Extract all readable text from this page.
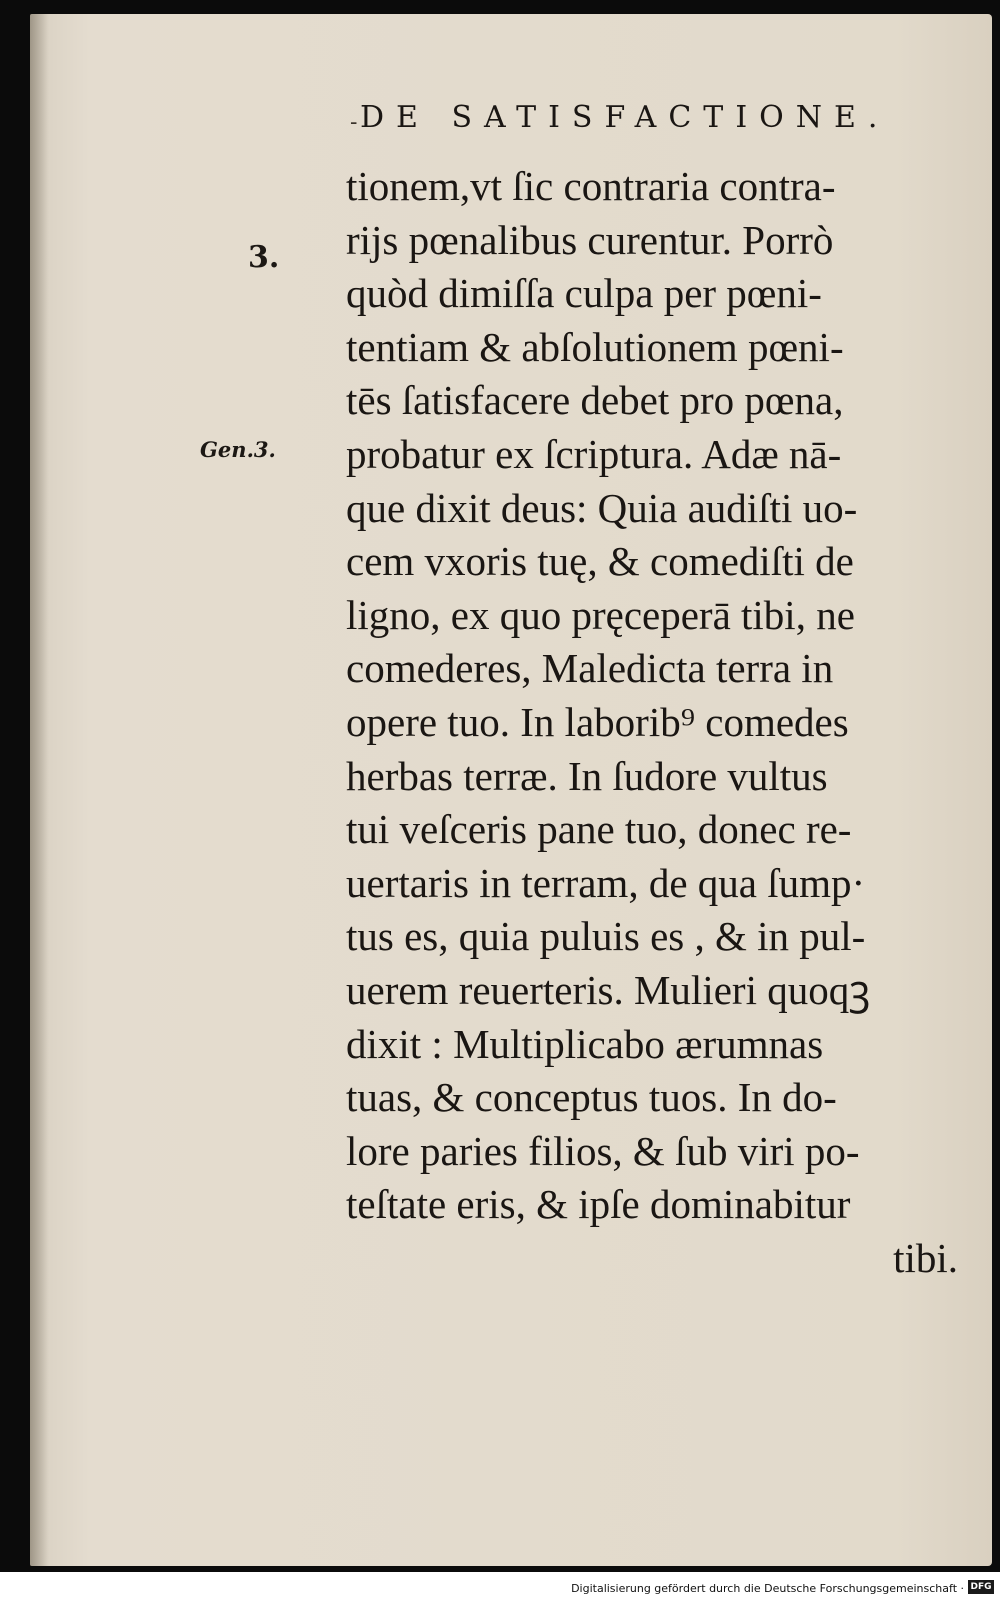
- DE SATISFACTIONE.
3.
Gen.3.
tionem,vt ſic contraria contra-
rijs pœnalibus curentur. Porrò
quòd dimiſſa culpa per pœni-
tentiam & abſolutionem pœni-
tēs ſatisfacere debet pro pœna,
probatur ex ſcriptura. Adæ nā-
que dixit deus: Quia audiſti uo-
cem vxoris tuę, & comediſti de
ligno, ex quo pręceperā tibi, ne
comederes, Maledicta terra in
opere tuo. In laborib⁹ comedes
herbas terræ. In ſudore vultus
tui veſceris pane tuo, donec re-
uertaris in terram, de qua ſump·
tus es, quia puluis es , & in pul-
uerem reuerteris. Mulieri quoqꝫ
dixit : Multiplicabo ærumnas
tuas, & conceptus tuos. In do-
lore paries filios, & ſub viri po-
teſtate eris, & ipſe dominabitur
tibi.
Digitalisierung gefördert durch die Deutsche Forschungsgemeinschaft · DFG
